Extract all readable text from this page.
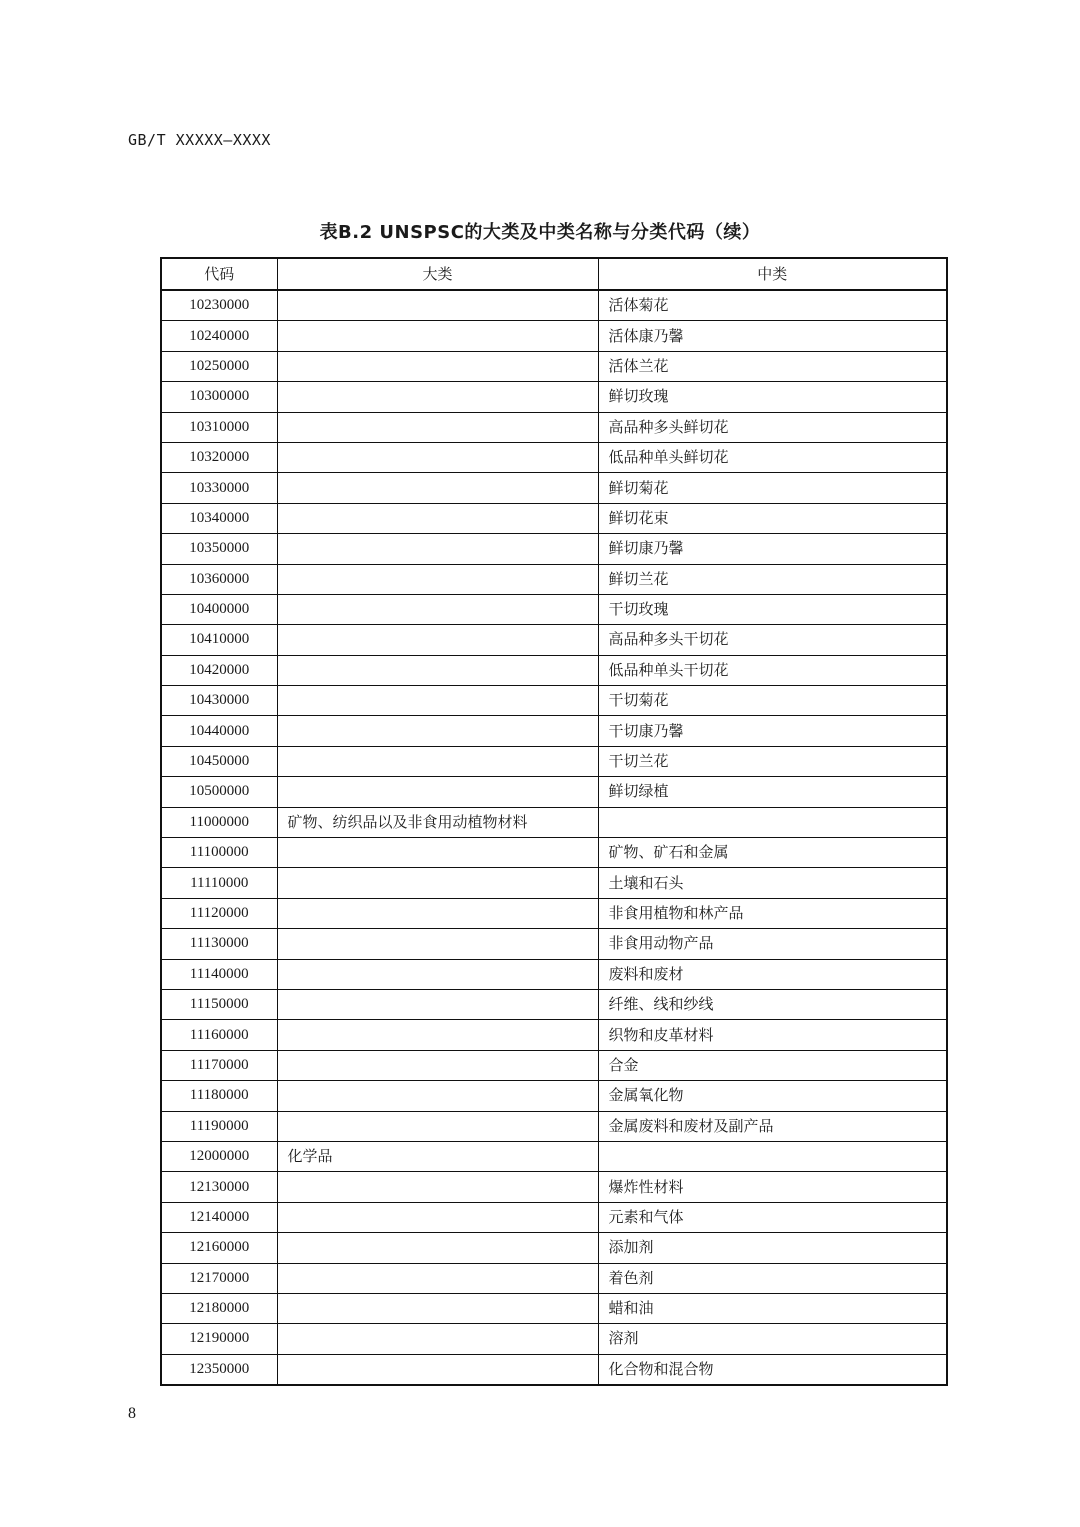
GB/T XXXXX—XXXX
表B.2 UNSPSC的大类及中类名称与分类代码（续）
代码	大类	中类
10230000		活体菊花
10240000		活体康乃馨
10250000		活体兰花
10300000		鲜切玫瑰
10310000		高品种多头鲜切花
10320000		低品种单头鲜切花
10330000		鲜切菊花
10340000		鲜切花束
10350000		鲜切康乃馨
10360000		鲜切兰花
10400000		干切玫瑰
10410000		高品种多头干切花
10420000		低品种单头干切花
10430000		干切菊花
10440000		干切康乃馨
10450000		干切兰花
10500000		鲜切绿植
11000000	矿物、纺织品以及非食用动植物材料	
11100000		矿物、矿石和金属
11110000		土壤和石头
11120000		非食用植物和林产品
11130000		非食用动物产品
11140000		废料和废材
11150000		纤维、线和纱线
11160000		织物和皮革材料
11170000		合金
11180000		金属氧化物
11190000		金属废料和废材及副产品
12000000	化学品	
12130000		爆炸性材料
12140000		元素和气体
12160000		添加剂
12170000		着色剂
12180000		蜡和油
12190000		溶剂
12350000		化合物和混合物
8
